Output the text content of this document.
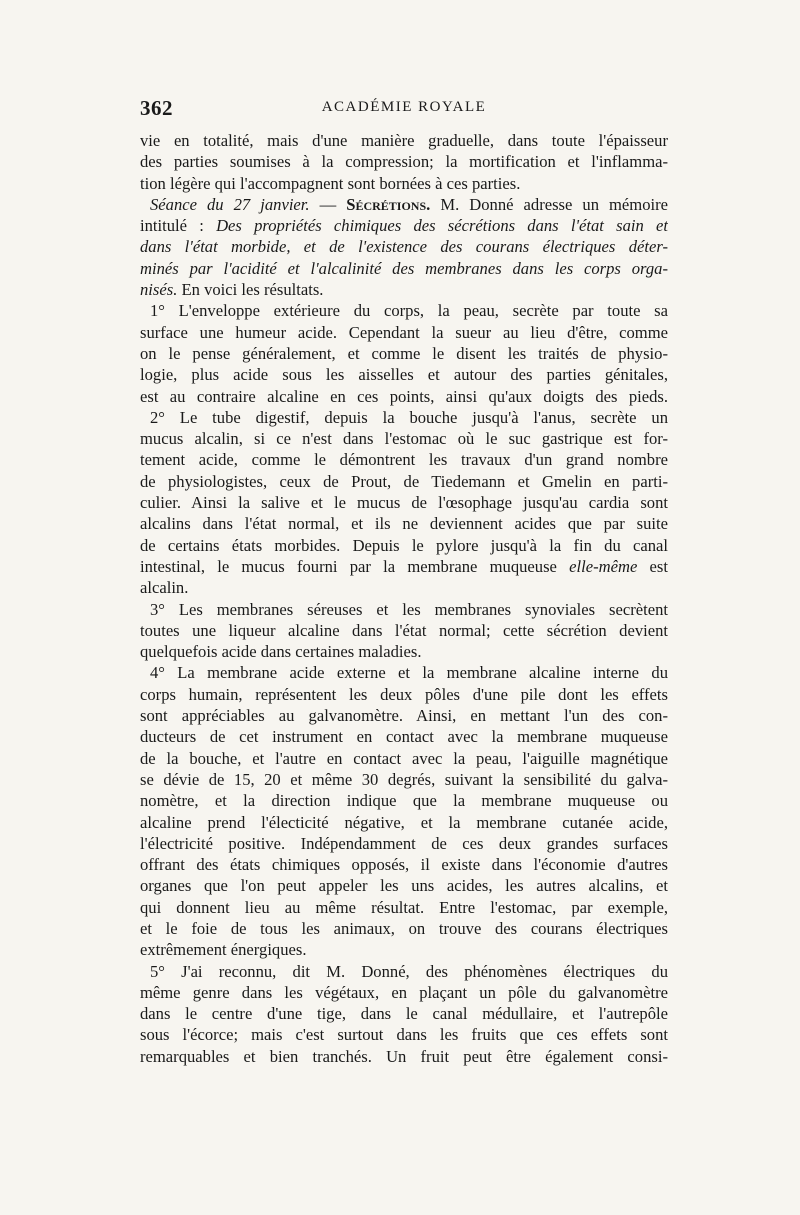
362	ACADÉMIE ROYALE
vie en totalité, mais d'une manière graduelle, dans toute l'épaisseur
des parties soumises à la compression; la mortification et l'inflamma-
tion légère qui l'accompagnent sont bornées à ces parties.
Séance du 27 janvier. — Sécrétions. M. Donné adresse un mémoire
intitulé : Des propriétés chimiques des sécrétions dans l'état sain et
dans l'état morbide, et de l'existence des courans électriques déter-
minés par l'acidité et l'alcalinité des membranes dans les corps orga-
nisés. En voici les résultats.
1° L'enveloppe extérieure du corps, la peau, secrète par toute sa
surface une humeur acide. Cependant la sueur au lieu d'être, comme
on le pense généralement, et comme le disent les traités de physio-
logie, plus acide sous les aisselles et autour des parties génitales,
est au contraire alcaline en ces points, ainsi qu'aux doigts des pieds.
2° Le tube digestif, depuis la bouche jusqu'à l'anus, secrète un
mucus alcalin, si ce n'est dans l'estomac où le suc gastrique est for-
tement acide, comme le démontrent les travaux d'un grand nombre
de physiologistes, ceux de Prout, de Tiedemann et Gmelin en parti-
culier. Ainsi la salive et le mucus de l'œsophage jusqu'au cardia sont
alcalins dans l'état normal, et ils ne deviennent acides que par suite
de certains états morbides. Depuis le pylore jusqu'à la fin du canal
intestinal, le mucus fourni par la membrane muqueuse elle-même est
alcalin.
3° Les membranes séreuses et les membranes synoviales secrètent
toutes une liqueur alcaline dans l'état normal; cette sécrétion devient
quelquefois acide dans certaines maladies.
4° La membrane acide externe et la membrane alcaline interne du
corps humain, représentent les deux pôles d'une pile dont les effets
sont appréciables au galvanomètre. Ainsi, en mettant l'un des con-
ducteurs de cet instrument en contact avec la membrane muqueuse
de la bouche, et l'autre en contact avec la peau, l'aiguille magnétique
se dévie de 15, 20 et même 30 degrés, suivant la sensibilité du galva-
nomètre, et la direction indique que la membrane muqueuse ou
alcaline prend l'électicité négative, et la membrane cutanée acide,
l'électricité positive. Indépendamment de ces deux grandes surfaces
offrant des états chimiques opposés, il existe dans l'économie d'autres
organes que l'on peut appeler les uns acides, les autres alcalins, et
qui donnent lieu au même résultat. Entre l'estomac, par exemple,
et le foie de tous les animaux, on trouve des courans électriques
extrêmement énergiques.
5° J'ai reconnu, dit M. Donné, des phénomènes électriques du
même genre dans les végétaux, en plaçant un pôle du galvanomètre
dans le centre d'une tige, dans le canal médullaire, et l'autrepôle
sous l'écorce; mais c'est surtout dans les fruits que ces effets sont
remarquables et bien tranchés. Un fruit peut être également consi-
